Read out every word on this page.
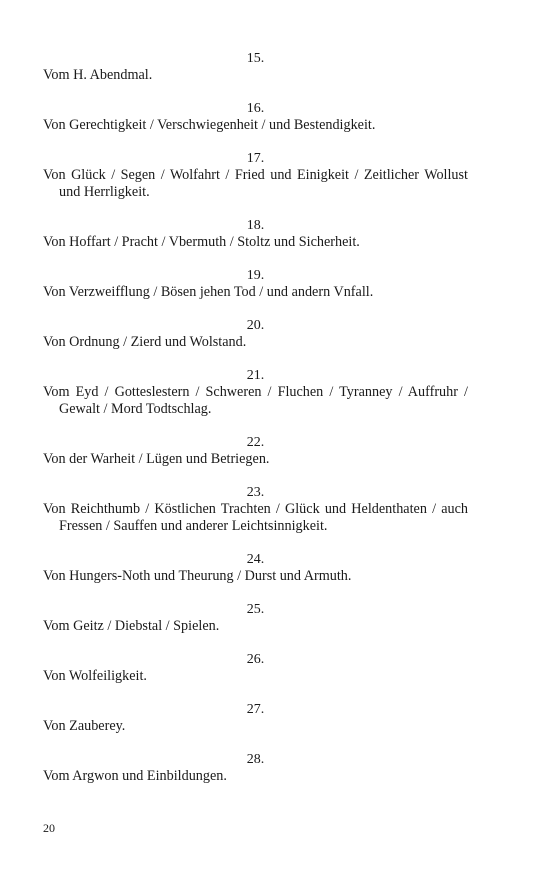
15.
Vom H. Abendmal.
16.
Von Gerechtigkeit / Verschwiegenheit / und Bestendigkeit.
17.
Von Glück / Segen / Wolfahrt / Fried und Einigkeit / Zeitlicher Wollust und Herrligkeit.
18.
Von Hoffart / Pracht / Vbermuth / Stoltz und Sicherheit.
19.
Von Verzweifflung / Bösen jehen Tod / und andern Vnfall.
20.
Von Ordnung / Zierd und Wolstand.
21.
Vom Eyd / Gotteslestern / Schweren / Fluchen / Tyranney / Auffruhr / Gewalt / Mord Todtschlag.
22.
Von der Warheit / Lügen und Betriegen.
23.
Von Reichthumb / Köstlichen Trachten / Glück und Heldenthaten / auch Fressen / Sauffen und anderer Leichtsinnigkeit.
24.
Von Hungers-Noth und Theurung / Durst und Armuth.
25.
Vom Geitz / Diebstal / Spielen.
26.
Von Wolfeiligkeit.
27.
Von Zauberey.
28.
Vom Argwon und Einbildungen.
20
